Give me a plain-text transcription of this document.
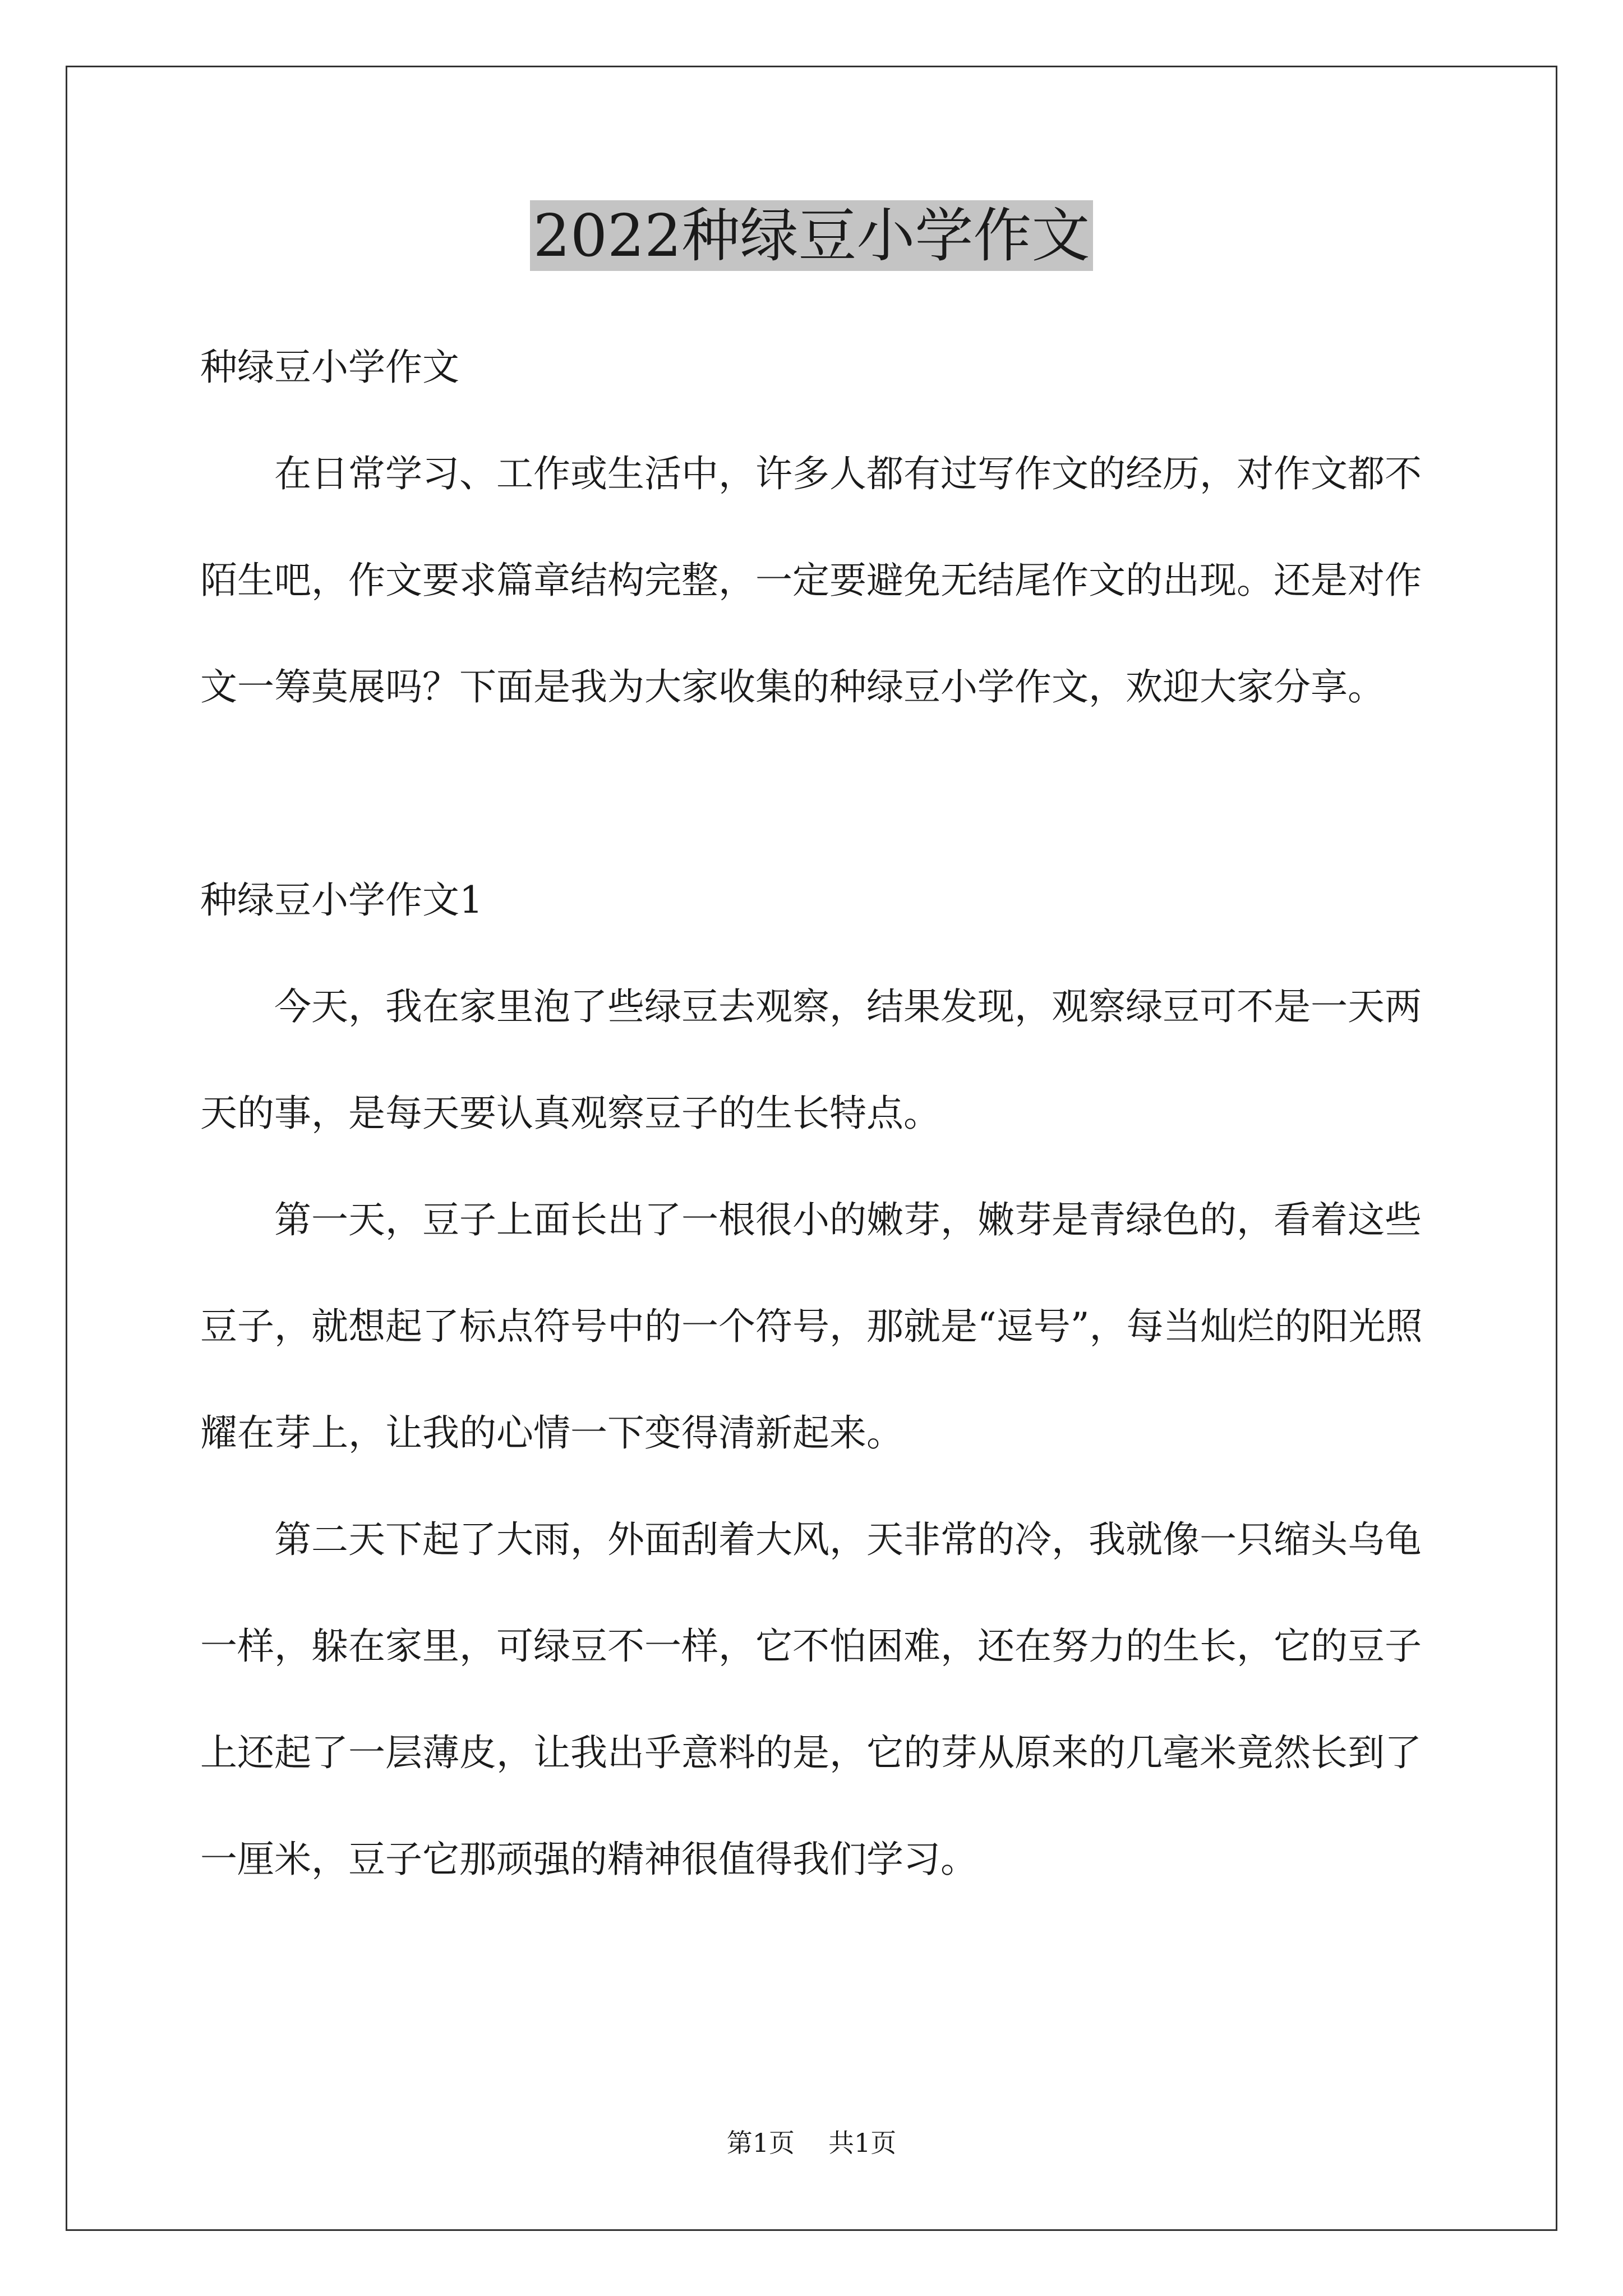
2022种绿豆小学作文

种绿豆小学作文

在日常学习、工作或生活中，许多人都有过写作文的经历，对作文都不陌生吧，作文要求篇章结构完整，一定要避免无结尾作文的出现。还是对作文一筹莫展吗？下面是我为大家收集的种绿豆小学作文，欢迎大家分享。

种绿豆小学作文1

今天，我在家里泡了些绿豆去观察，结果发现，观察绿豆可不是一天两天的事，是每天要认真观察豆子的生长特点。

第一天，豆子上面长出了一根很小的嫩芽，嫩芽是青绿色的，看着这些豆子，就想起了标点符号中的一个符号，那就是“逗号”，每当灿烂的阳光照耀在芽上，让我的心情一下变得清新起来。

第二天下起了大雨，外面刮着大风，天非常的冷，我就像一只缩头乌龟一样，躲在家里，可绿豆不一样，它不怕困难，还在努力的生长，它的豆子上还起了一层薄皮，让我出乎意料的是，它的芽从原来的几毫米竟然长到了一厘米，豆子它那顽强的精神很值得我们学习。

第1页 共1页
